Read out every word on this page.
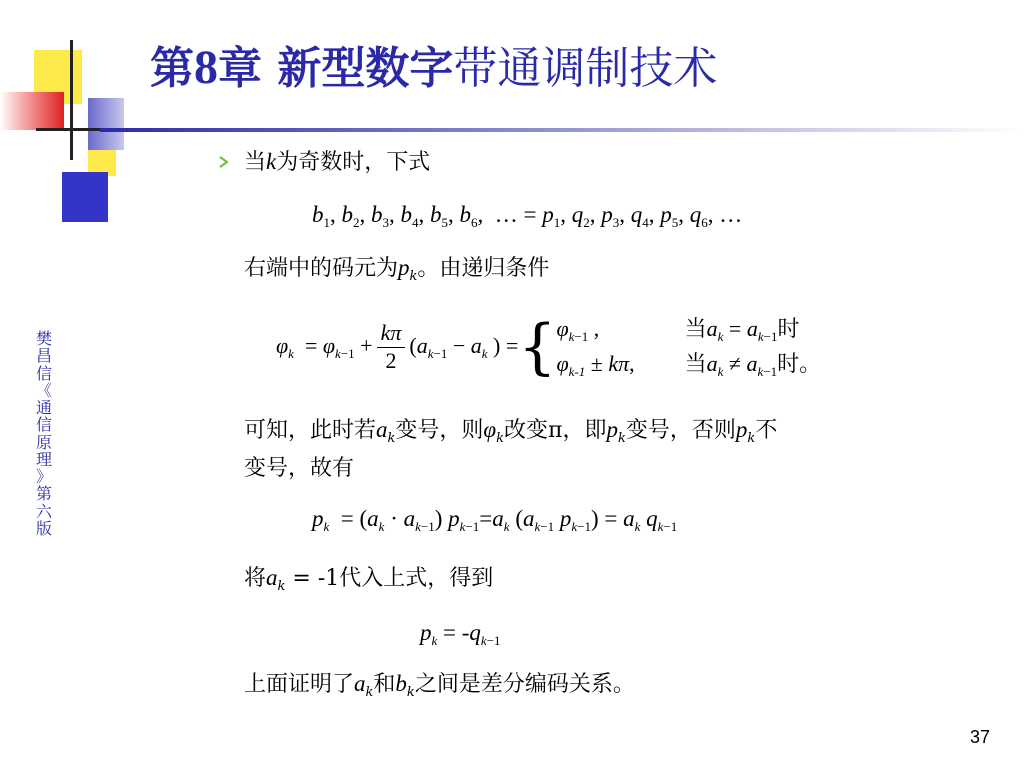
第8章 新型数字带通调制技术
樊
昌
信
《
通
信
原
理
》
第
六
版
当k为奇数时，下式
$b_1$, $b_2$, $b_3$, $b_4$, $b_5$, $b_6$,  … = $p_1$, $q_2$, $p_3$, $q_4$, $p_5$, $q_6$, …
右端中的码元为$p_k$。由递归条件
$\varphi_k = \varphi_{k-1} + \frac{k\pi}{2} (a_{k-1} - a_k$ ) = { $\varphi_{k-1}$ ,
$\varphi_{k-1} \pm k\pi$,
当$a_k = a_{k-1}$时
当$a_k \ne a_{k-1}$时。
可知，此时若$a_k$变号，则$\varphi_k$改变π，即$p_k$变号，否则$p_k$不
变号，故有
$p_k = (a_k \cdot a_{k-1})$ $p_{k-1}=a_k$ ($a_{k-1}$ $p_{k-1}) = a_k$ $q_{k-1}$
将$a_k = -1$代入上式，得到
$p_k = -q_{k-1}$
上面证明了$a_k$和$b_k$之间是差分编码关系。
37
